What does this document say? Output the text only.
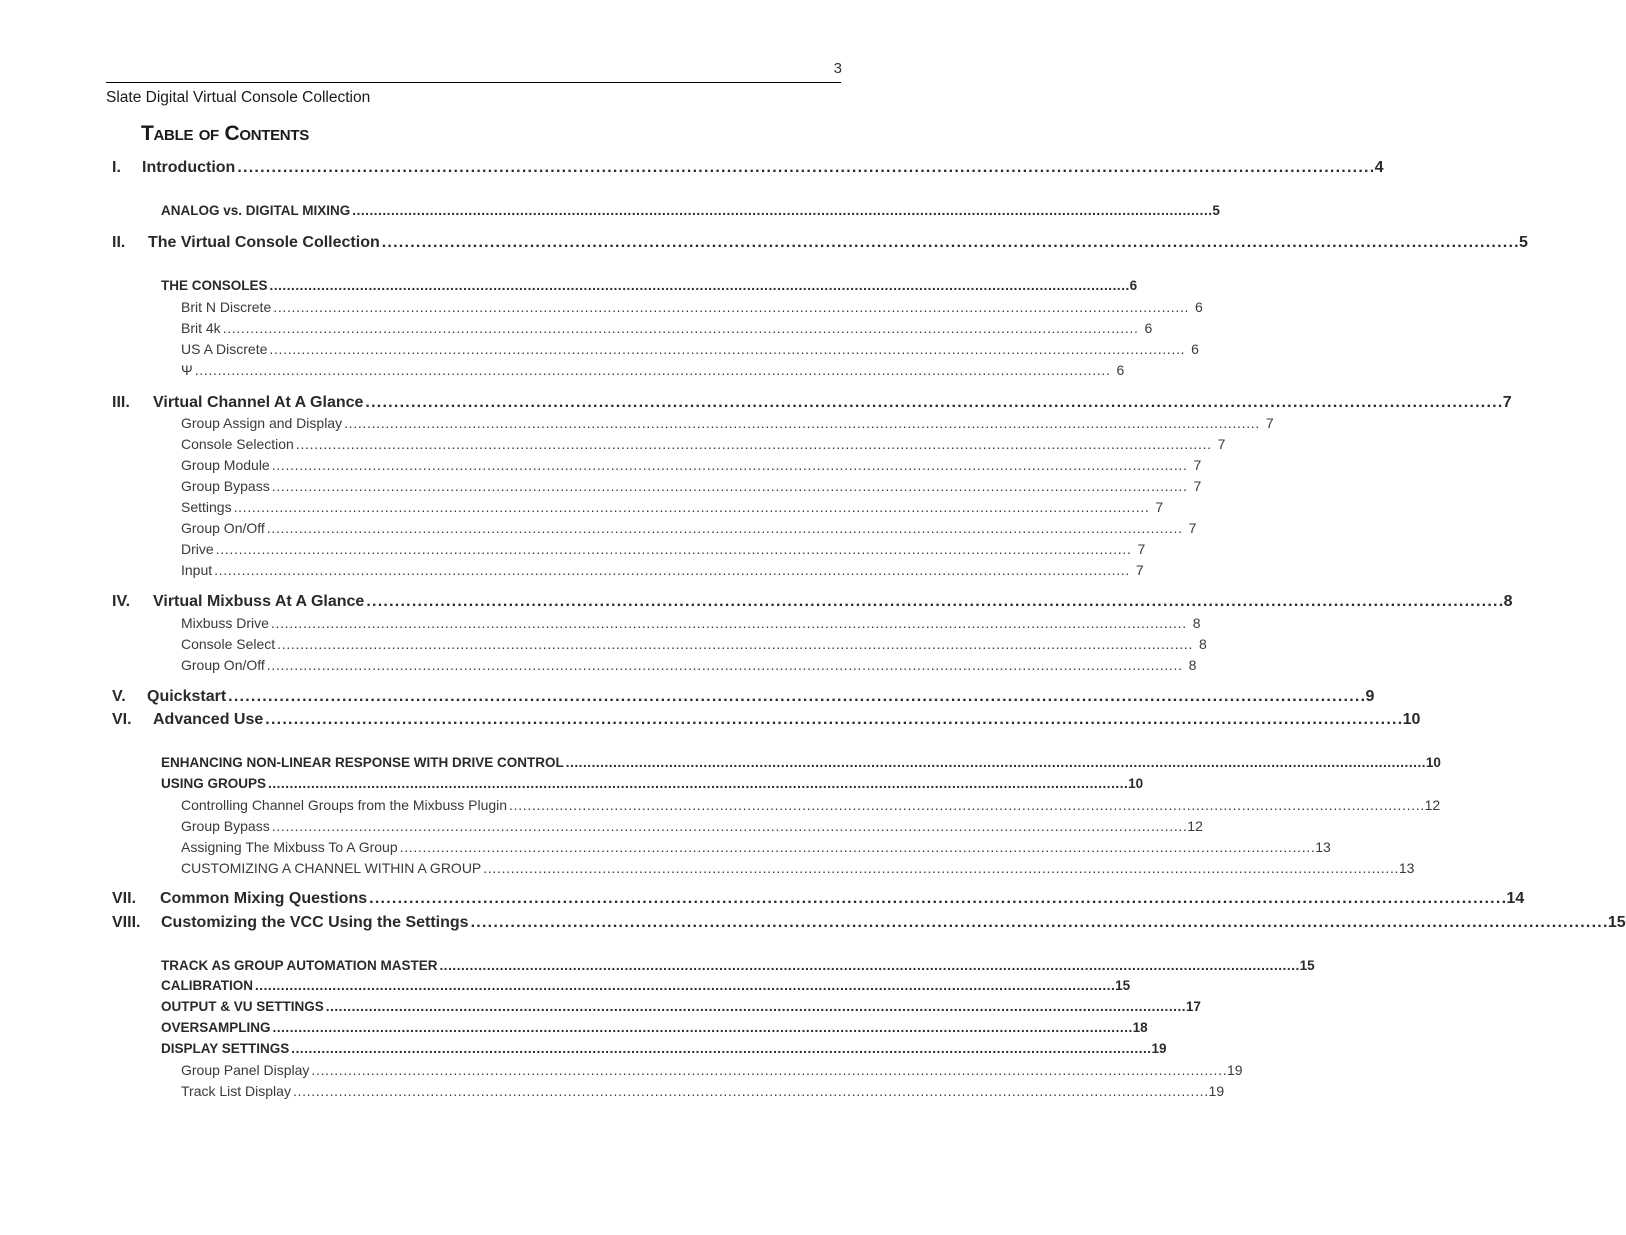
3
Slate Digital Virtual Console Collection
Table of Contents
I.	Introduction . . .	4
ANALOG vs. DIGITAL MIXING . . .	5
II.	The Virtual Console Collection . . .	5
THE CONSOLES . . .	6
Brit N Discrete . . .	6
Brit 4k . . .	6
US A Discrete . . .	6
Ψ . . .	6
III.	Virtual Channel At A Glance . . .	7
Group Assign and Display . . .	7
Console Selection . . .	7
Group Module . . .	7
Group Bypass . . .	7
Settings . . .	7
Group On/Off . . .	7
Drive . . .	7
Input . . .	7
IV.	Virtual Mixbuss At A Glance . . .	8
Mixbuss Drive . . .	8
Console Select . . .	8
Group On/Off . . .	8
V.	Quickstart . . .	9
VI.	Advanced Use . . .	10
ENHANCING NON-LINEAR RESPONSE WITH DRIVE CONTROL . . .	10
USING GROUPS . . .	10
Controlling Channel Groups from the Mixbuss Plugin . . .	12
Group Bypass . . .	12
Assigning The Mixbuss To A Group . . .	13
CUSTOMIZING A CHANNEL WITHIN A GROUP . . .	13
VII.	Common Mixing Questions . . .	14
VIII.	Customizing the VCC Using the Settings . . .	15
TRACK AS GROUP AUTOMATION MASTER . . .	15
CALIBRATION . . .	15
OUTPUT & VU SETTINGS . . .	17
OVERSAMPLING . . .	18
DISPLAY SETTINGS . . .	19
Group Panel Display . . .	19
Track List Display . . .	19
